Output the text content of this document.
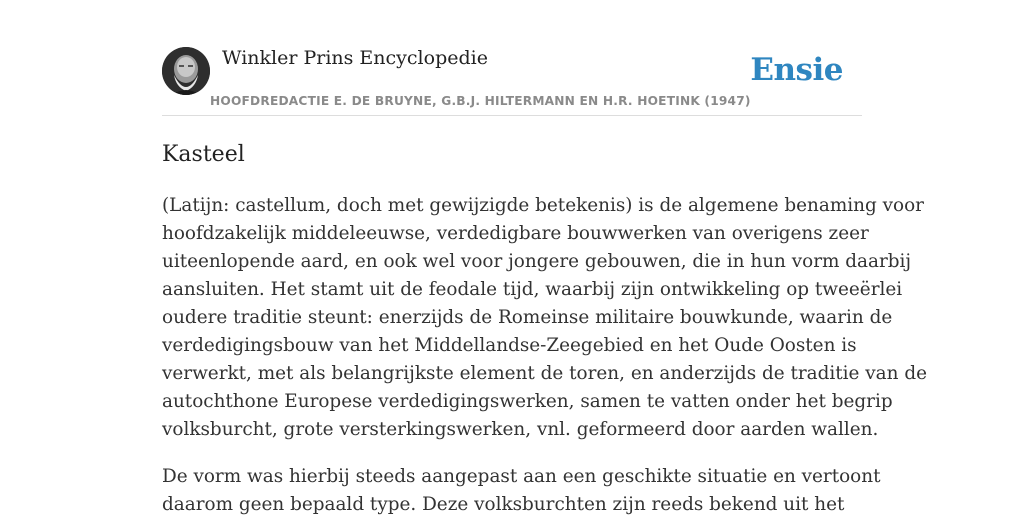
Winkler Prins Encyclopedie
HOOFDREDACTIE E. DE BRUYNE, G.B.J. HILTERMANN EN H.R. HOETINK (1947)
Ensie
Kasteel
(Latijn: castellum, doch met gewijzigde betekenis) is de algemene benaming voor
hoofdzakelijk middeleeuwse, verdedigbare bouwwerken van overigens zeer
uiteenlopende aard, en ook wel voor jongere gebouwen, die in hun vorm daarbij
aansluiten. Het stamt uit de feodale tijd, waarbij zijn ontwikkeling op tweeërlei
oudere traditie steunt: enerzijds de Romeinse militaire bouwkunde, waarin de
verdedigingsbouw van het Middellandse-Zeegebied en het Oude Oosten is
verwerkt, met als belangrijkste element de toren, en anderzijds de traditie van de
autochthone Europese verdedigingswerken, samen te vatten onder het begrip
volksburcht, grote versterkingswerken, vnl. geformeerd door aarden wallen.
De vorm was hierbij steeds aangepast aan een geschikte situatie en vertoont
daarom geen bepaald type. Deze volksburchten zijn reeds bekend uit het
